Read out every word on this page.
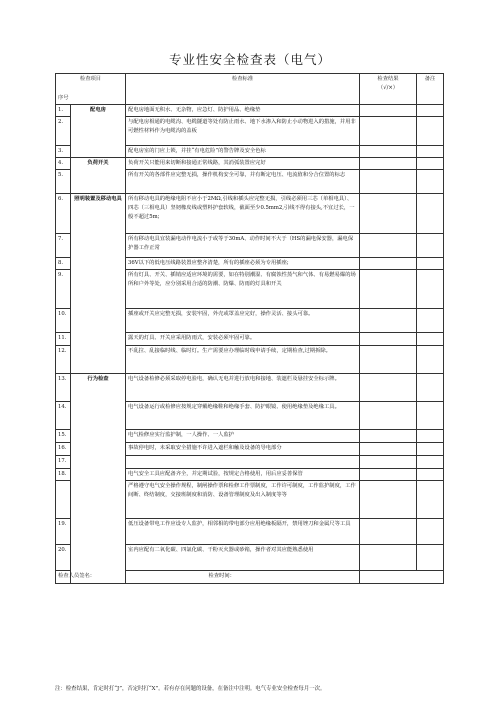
专业性安全检查表（电气）
检查项目
序号		检查标准	检查结果
（√/×）	备注
1.	配电房	配电房地面无积水、无杂物，应急灯、防护用品、绝缘垫		
2.		与配电房相通的电缆沟、电缆隧道等处有防止雨水、地下水渗入和防止小动物进入的措施，并用非可燃性材料作为电缆沟的盖板		
3.		配电房室的门应上锁，并挂“有电危险”的警告牌及安全色标		
4.	负荷开关	负荷开关只能用来切断和接通正常线路，其消弧装置应完好		
5.		所有开关的各部件应完整无损，操作机构安全可靠，并有断定电压、电流值和分合位置的标志		
6.	照明装置及移动电具	所有移动电具的绝缘电阻不应小于2MΩ,引线和插头应完整无损，引线必须用三芯（单相电具）、四芯（三相电具）坚韧橡皮线或塑料护套软线，截面至少0.5mm2,引线不得有接头,不宜过长，一般不超过5m;		
7.		所有移动电具宜装漏电动作电流小于或等于30mA、动作时间不大于（HS的漏电保安器，漏电保护器工作正常		
8.		36V以下的低电压线路装置应整齐清楚，所有的插座必须为专用插座;		
9.		所有灯具、开关、插销应适应环境的需要，如在特别潮湿、有腐蚀性蒸气和气体、有易燃易爆的场所和户外等处，应分别采用合适的防潮、防爆、防雨的灯具和开关		
10.		插座或开关应完整无损，安装牢固，外壳或罩盖应完好，操作灵活、接头可靠。		
11.		露天的灯具、开关应采用防雨式，安装必须牢固可靠。		
12.		不乱拉、乱接临时线、临时灯。生产需要应办理临时线申请手续，定期检查,过期拆除。		
13.	行为检查	电气设备检修必须采取停电验电，确认无电并进行放电和接地、装遮栏及悬挂安全标示牌。		
14.		电气设备运行或检修应按规定穿戴绝缘鞋和绝缘手套、防护眼镜、使用绝缘垫及绝缘工具。		
15.		电气检修应实行监护制，一人操作、一人监护		
16.		事故停电时，未采取安全措施不许进入遮栏和触及设备的导电部分		
17.				
18.		电气安全工具应配备齐全，并定期试验，按规定合格使用，用后应妥善保管		
		严格遵守电气安全操作规程，制闸操作票和检修工作票制度，工作许可制度，工作监护制度，工作间断、终结制度，交接班制度和消防、设备管理制度及出入制度等等		
19.		低压设备带电工作应设专人监护，相邻相的带电部分应用绝缘板隔开，禁用锉刀和金属尺等工具		
20.		室内应配有二氧化碳、四氯化碳、干粉灭火器或砂箱，操作者对其应能熟悉使用		
检查人员签名： 检查时间：				
注：检查结果，肯定时打“J”，否定时打“X”。若有存在问题的设备，在备注中注明。电气专业安全检查每月一次。
